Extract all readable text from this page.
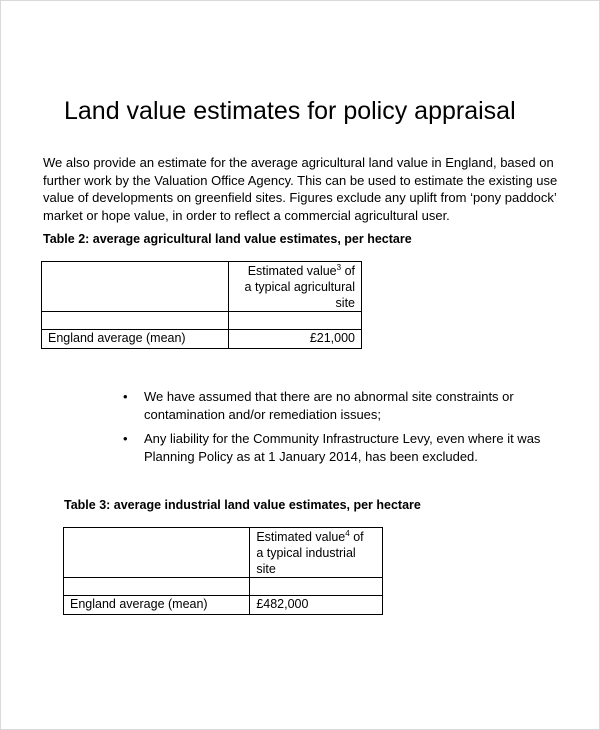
Land value estimates for policy appraisal

We also provide an estimate for the average agricultural land value in England, based on
further work by the Valuation Office Agency. This can be used to estimate the existing use
value of developments on greenfield sites. Figures exclude any uplift from ‘pony paddock’
market or hope value, in order to reflect a commercial agricultural user.

Table 2: average agricultural land value estimates, per hectare

	Estimated value$^3$ of
a typical agricultural
site

England average (mean)	£21,000
• We have assumed that there are no abnormal site constraints or
contamination and/or remediation issues;
• Any liability for the Community Infrastructure Levy, even where it was
Planning Policy as at 1 January 2014, has been excluded.

Table 3: average industrial land value estimates, per hectare

	Estimated value$^4$ of
a typical industrial
site

England average (mean)	£482,000
